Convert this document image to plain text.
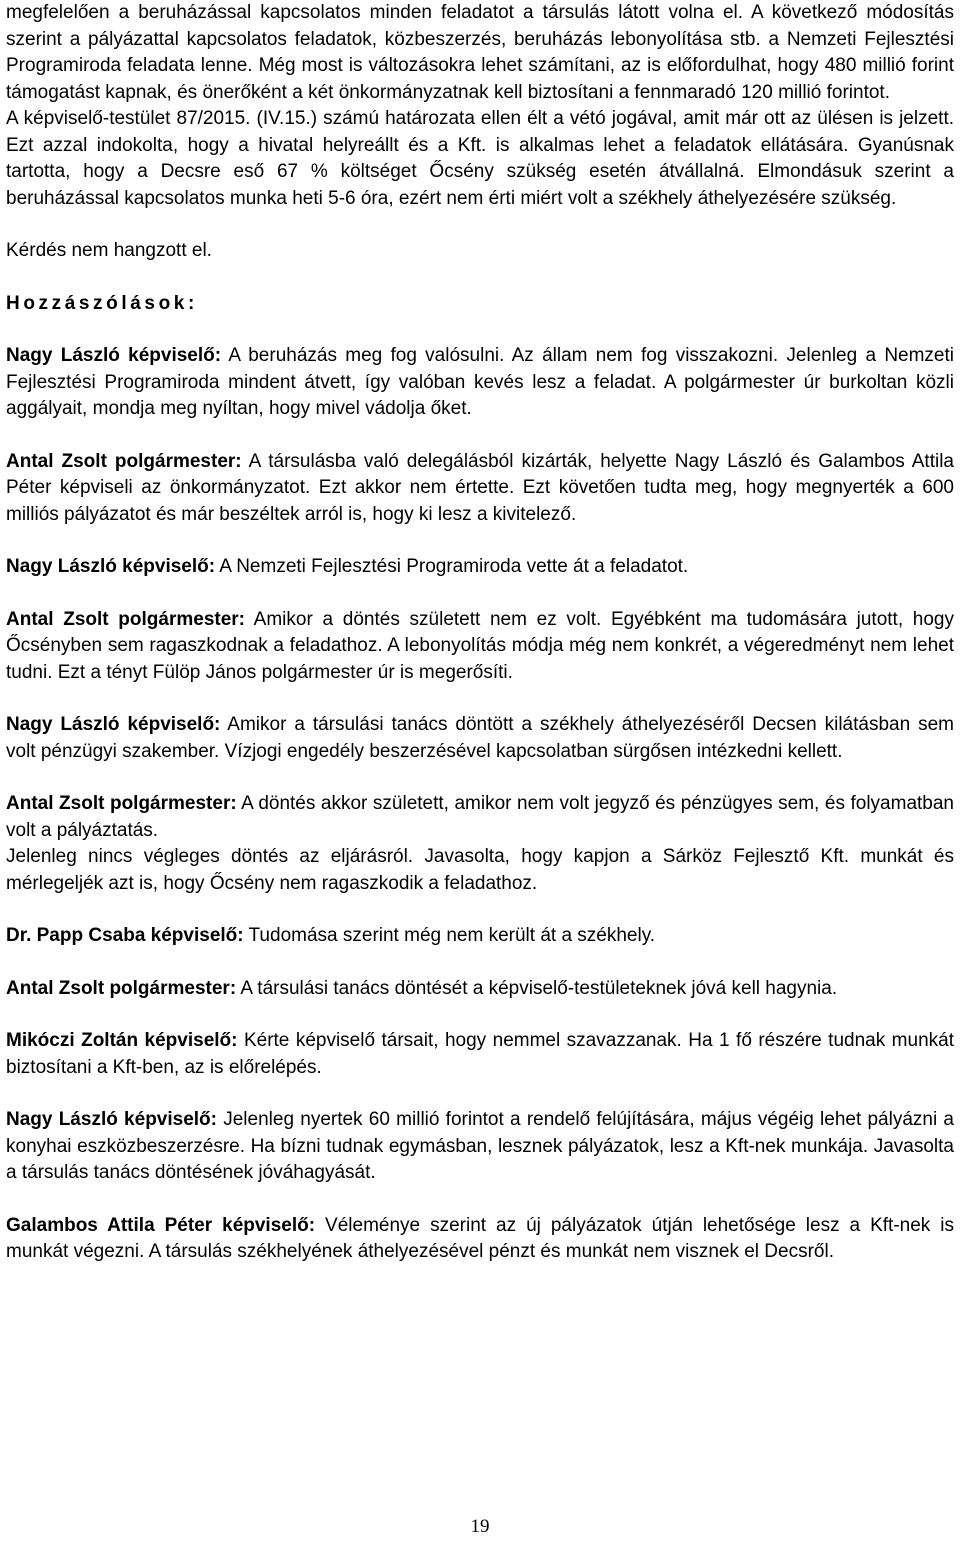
megfelelően a beruházással kapcsolatos minden feladatot a társulás látott volna el. A következő módosítás szerint a pályázattal kapcsolatos feladatok, közbeszerzés, beruházás lebonyolítása stb. a Nemzeti Fejlesztési Programiroda feladata lenne. Még most is változásokra lehet számítani, az is előfordulhat, hogy 480 millió forint támogatást kapnak, és önerőként a két önkormányzatnak kell biztosítani a fennmaradó 120 millió forintot.

A képviselő-testület 87/2015. (IV.15.) számú határozata ellen élt a vétó jogával, amit már ott az ülésen is jelzett. Ezt azzal indokolta, hogy a hivatal helyreállt és a Kft. is alkalmas lehet a feladatok ellátására. Gyanúsnak tartotta, hogy a Decsre eső 67 % költséget Őcsény szükség esetén átvállalná. Elmondásuk szerint a beruházással kapcsolatos munka heti 5-6 óra, ezért nem érti miért volt a székhely áthelyezésére szükség.

Kérdés nem hangzott el.

Hozzászólások:

Nagy László képviselő: A beruházás meg fog valósulni. Az állam nem fog visszakozni. Jelenleg a Nemzeti Fejlesztési Programiroda mindent átvett, így valóban kevés lesz a feladat. A polgármester úr burkoltan közli aggályait, mondja meg nyíltan, hogy mivel vádolja őket.

Antal Zsolt polgármester: A társulásba való delegálásból kizárták, helyette Nagy László és Galambos Attila Péter képviseli az önkormányzatot. Ezt akkor nem értette. Ezt követően tudta meg, hogy megnyerték a 600 milliós pályázatot és már beszéltek arról is, hogy ki lesz a kivitelező.

Nagy László képviselő: A Nemzeti Fejlesztési Programiroda vette át a feladatot.

Antal Zsolt polgármester: Amikor a döntés született nem ez volt. Egyébként ma tudomására jutott, hogy Őcsényben sem ragaszkodnak a feladathoz. A lebonyolítás módja még nem konkrét, a végeredményt nem lehet tudni. Ezt a tényt Fülöp János polgármester úr is megerősíti.

Nagy László képviselő: Amikor a társulási tanács döntött a székhely áthelyezéséről Decsen kilátásban sem volt pénzügyi szakember. Vízjogi engedély beszerzésével kapcsolatban sürgősen intézkedni kellett.

Antal Zsolt polgármester: A döntés akkor született, amikor nem volt jegyző és pénzügyes sem, és folyamatban volt a pályáztatás.

Jelenleg nincs végleges döntés az eljárásról. Javasolta, hogy kapjon a Sárköz Fejlesztő Kft. munkát és mérlegeljék azt is, hogy Őcsény nem ragaszkodik a feladathoz.

Dr. Papp Csaba képviselő: Tudomása szerint még nem került át a székhely.

Antal Zsolt polgármester: A társulási tanács döntését a képviselő-testületeknek jóvá kell hagynia.

Mikóczi Zoltán képviselő: Kérte képviselő társait, hogy nemmel szavazzanak. Ha 1 fő részére tudnak munkát biztosítani a Kft-ben, az is előrelépés.

Nagy László képviselő: Jelenleg nyertek 60 millió forintot a rendelő felújítására, május végéig lehet pályázni a konyhai eszközbeszerzésre. Ha bízni tudnak egymásban, lesznek pályázatok, lesz a Kft-nek munkája. Javasolta a társulás tanács döntésének jóváhagyását.

Galambos Attila Péter képviselő: Véleménye szerint az új pályázatok útján lehetősége lesz a Kft-nek is munkát végezni. A társulás székhelyének áthelyezésével pénzt és munkát nem visznek el Decsről.

19
